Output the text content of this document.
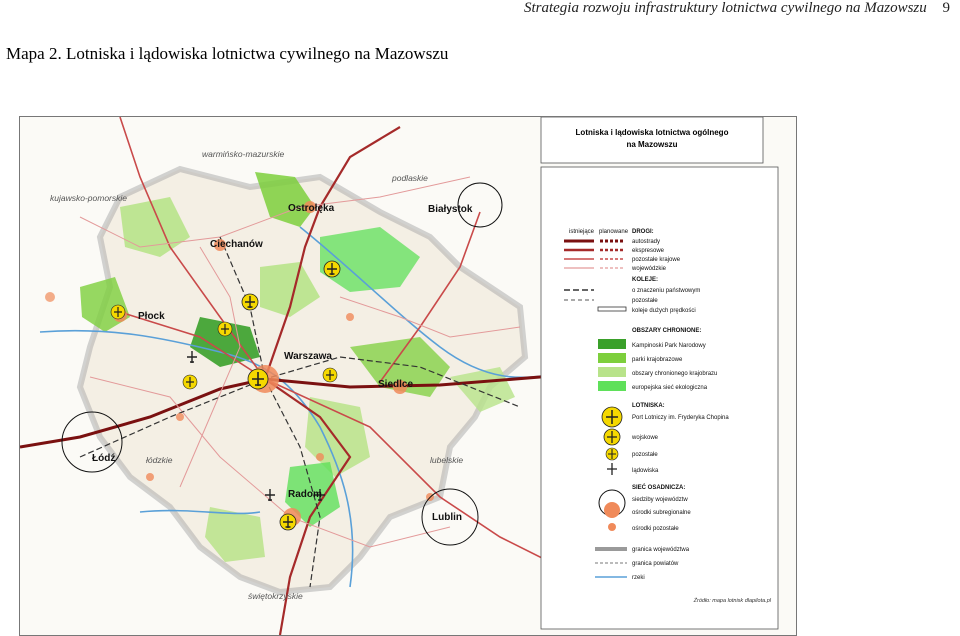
Strategia rozwoju infrastruktury lotnictwa cywilnego na Mazowszu 9
Mapa 2. Lotniska i lądowiska lotnictwa cywilnego na Mazowszu
Ostrołęka	Białystok
Ciechanów
Płock
Warszawa
Siedlce
Łódź
Radom
Lublin
warmińsko-mazurskie
kujawsko-pomorskie
podlaskie
łódzkie	lubelskie
świętokrzyskie
Lotniska i lądowiska lotnictwa ogólnego
na Mazowszu
istniejące planowane DROGI:
autostrady
ekspresowe
pozostałe krajowe
wojewódzkie
KOLEJE:
o znaczeniu państwowym
pozostałe
koleje dużych prędkości
OBSZARY CHRONIONE:
Kampinoski Park Narodowy
parki krajobrazowe
obszary chronionego krajobrazu
europejska sieć ekologiczna
LOTNISKA:
Port Lotniczy im. Fryderyka Chopina
wojskowe
pozostałe
lądowiska
SIEĆ OSADNICZA:
siedziby województw
ośrodki subregionalne
ośrodki pozostałe
granica województwa
granica powiatów
rzeki
Źródło: mapa lotnisk dlapilota.pl
